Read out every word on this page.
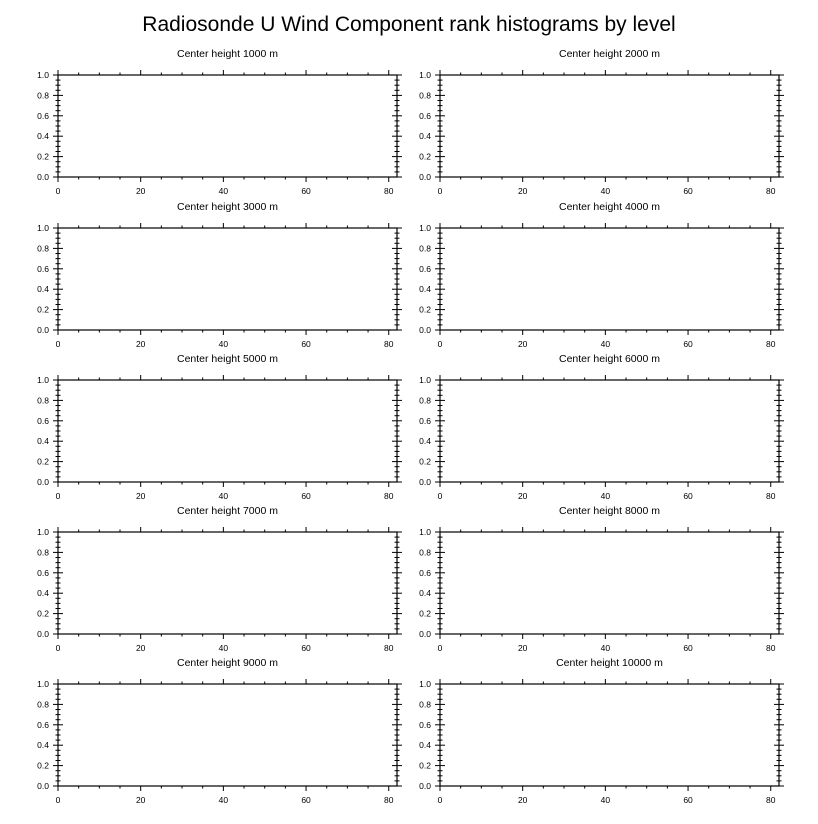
Radiosonde U Wind Component rank histograms by level
Center height 1000 m
0.0
0.2
0.4
0.6
0.8
1.0
0	20	40	60	80
Center height 2000 m
0.0
0.2
0.4
0.6
0.8
1.0
0	20	40	60	80
Center height 3000 m
0.0
0.2
0.4
0.6
0.8
1.0
0	20	40	60	80
Center height 4000 m
0.0
0.2
0.4
0.6
0.8
1.0
0	20	40	60	80
Center height 5000 m
0.0
0.2
0.4
0.6
0.8
1.0
0	20	40	60	80
Center height 6000 m
0.0
0.2
0.4
0.6
0.8
1.0
0	20	40	60	80
Center height 7000 m
0.0
0.2
0.4
0.6
0.8
1.0
0	20	40	60	80
Center height 8000 m
0.0
0.2
0.4
0.6
0.8
1.0
0	20	40	60	80
Center height 9000 m
0.0
0.2
0.4
0.6
0.8
1.0
0	20	40	60	80
Center height 10000 m
0.0
0.2
0.4
0.6
0.8
1.0
0	20	40	60	80
